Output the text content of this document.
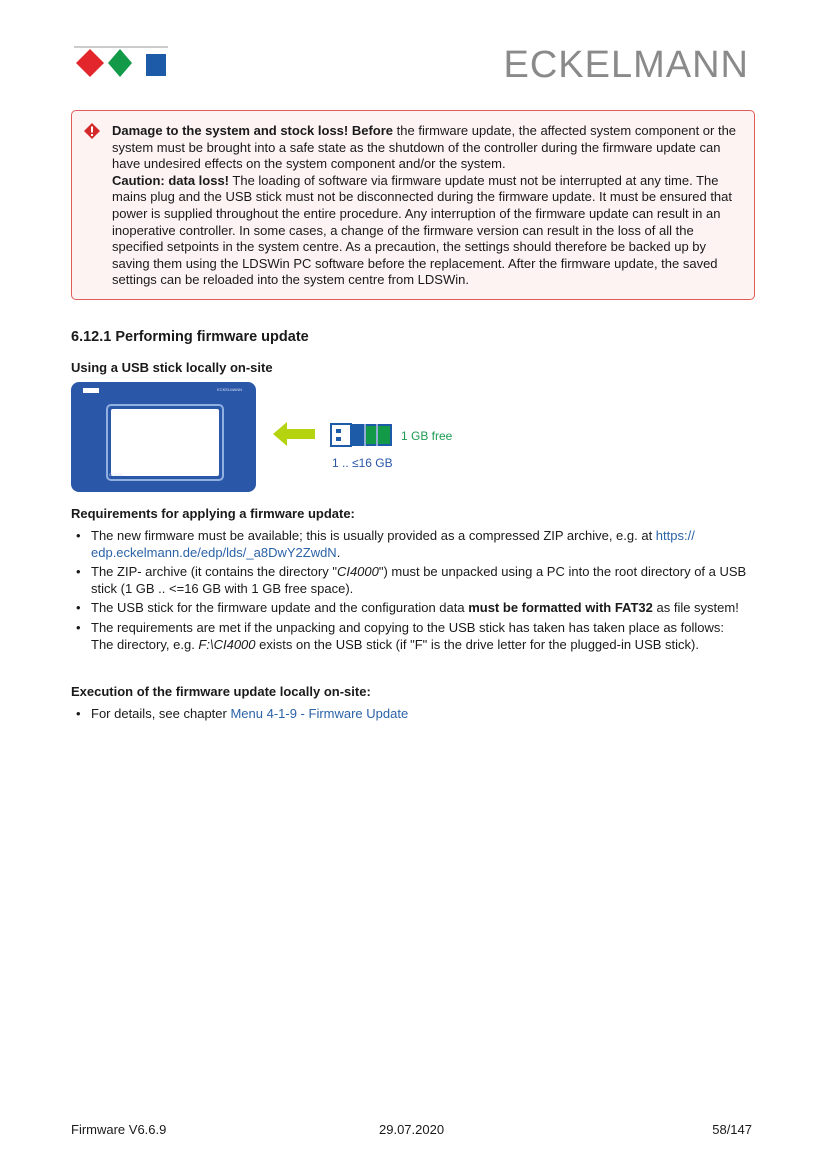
ECKELMANN

Damage to the system and stock loss! Before the firmware update, the affected system component or the system must be brought into a safe state as the shutdown of the controller during the firmware update can have undesired effects on the system component and/or the system.

Caution: data loss! The loading of software via firmware update must not be interrupted at any time. The mains plug and the USB stick must not be disconnected during the firmware update. It must be ensured that power is supplied throughout the entire procedure. Any interruption of the firmware update can result in an inoperative controller. In some cases, a change of the firmware version can result in the loss of all the specified setpoints in the system centre. As a precaution, the settings should therefore be backed up by saving them using the LDSWin PC software before the replacement. After the firmware update, the saved settings can be reloaded into the system centre from LDSWin.

6.12.1 Performing firmware update
Using a USB stick locally on-site
ECKELMANN
CI 4000
1 GB free
1 .. ≤16 GB
Requirements for applying a firmware update:
• The new firmware must be available; this is usually provided as a compressed ZIP archive, e.g. at https:// edp.eckelmann.de/edp/lds/_a8DwY2ZwdN.
• The ZIP- archive (it contains the directory "CI4000") must be unpacked using a PC into the root directory of a USB stick (1 GB .. <=16 GB with 1 GB free space).
• The USB stick for the firmware update and the configuration data must be formatted with FAT32 as file system!
• The requirements are met if the unpacking and copying to the USB stick has taken has taken place as follows:
The directory, e.g. F:\CI4000 exists on the USB stick (if "F" is the drive letter for the plugged-in USB stick).
Execution of the firmware update locally on-site:
• For details, see chapter Menu 4-1-9 - Firmware Update
Firmware V6.6.9	29.07.2020	58/147
